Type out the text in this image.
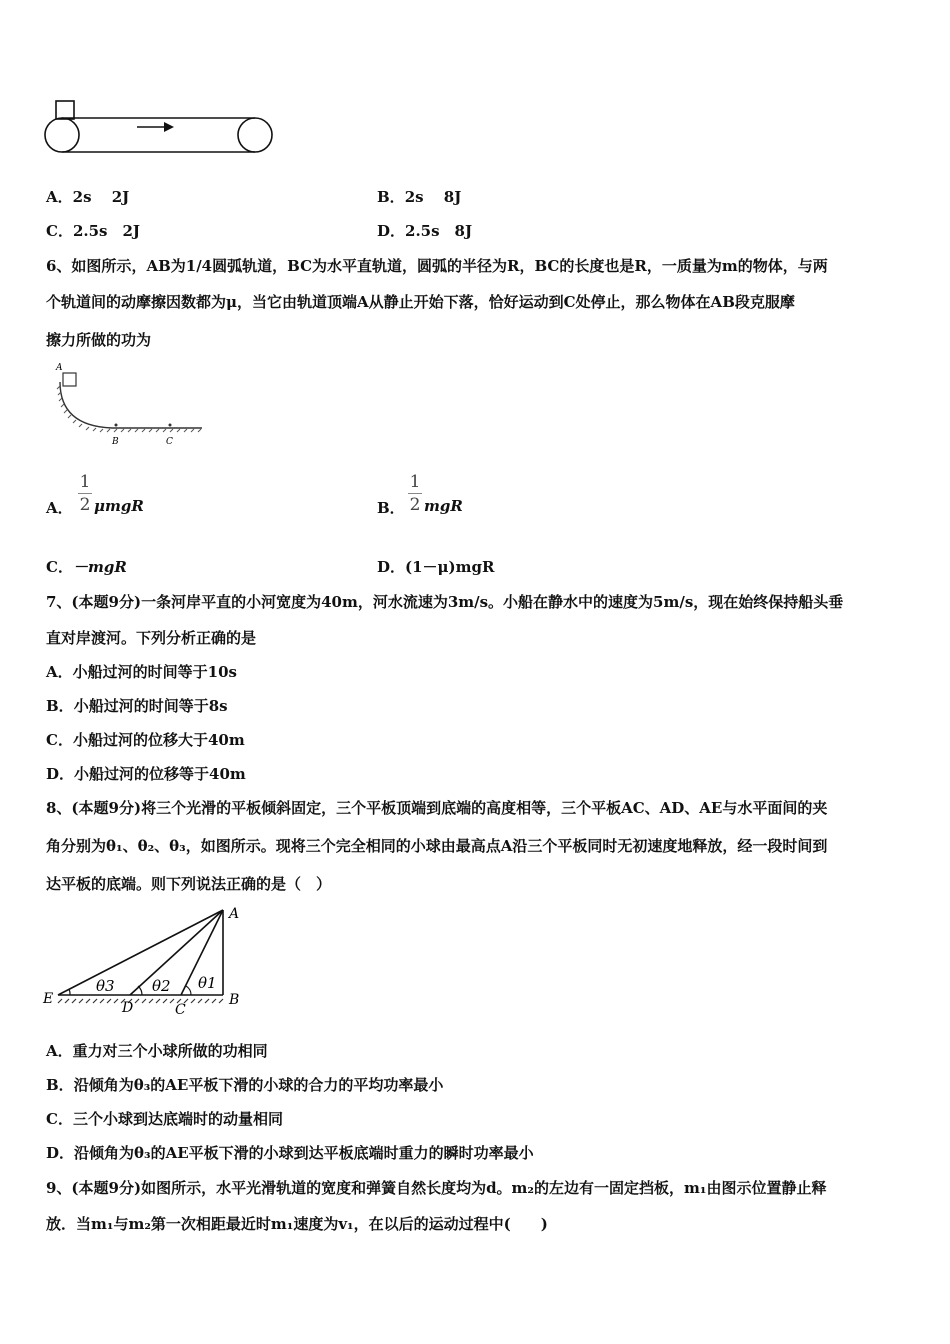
A．2s　 2J	B．2s　 8J
C．2.5s　2J	D．2.5s　8J
6、如图所示，AB为1/4圆弧轨道，BC为水平直轨道，圆弧的半径为R，BC的长度也是R，一质量为m的物体，与两
个轨道间的动摩擦因数都为μ，当它由轨道顶端A从静止开始下落，恰好运动到C处停止，那么物体在AB段克服摩
擦力所做的功为
A
B	C
A． $\frac{1}{2}$ μmgR	B． $\frac{1}{2}$ mgR
C．－mgR	D．(1－μ)mgR
7、(本题9分)一条河岸平直的小河宽度为40m，河水流速为3m/s。小船在静水中的速度为5m/s，现在始终保持船头垂
直对岸渡河。下列分析正确的是
A．小船过河的时间等于10s
B．小船过河的时间等于8s
C．小船过河的位移大于40m
D．小船过河的位移等于40m
8、(本题9分)将三个光滑的平板倾斜固定，三个平板顶端到底端的高度相等，三个平板AC、AD、AE与水平面间的夹
角分别为θ₁、θ₂、θ₃，如图所示。现将三个完全相同的小球由最高点A沿三个平板同时无初速度地释放，经一段时间到
达平板的底端。则下列说法正确的是（　）
A
B
C
D
E
θ3 θ2 θ1
A．重力对三个小球所做的功相同
B．沿倾角为θ₃的AE平板下滑的小球的合力的平均功率最小
C．三个小球到达底端时的动量相同
D．沿倾角为θ₃的AE平板下滑的小球到达平板底端时重力的瞬时功率最小
9、(本题9分)如图所示，水平光滑轨道的宽度和弹簧自然长度均为d。m₂的左边有一固定挡板，m₁由图示位置静止释
放．当m₁与m₂第一次相距最近时m₁速度为v₁，在以后的运动过程中(　　)
